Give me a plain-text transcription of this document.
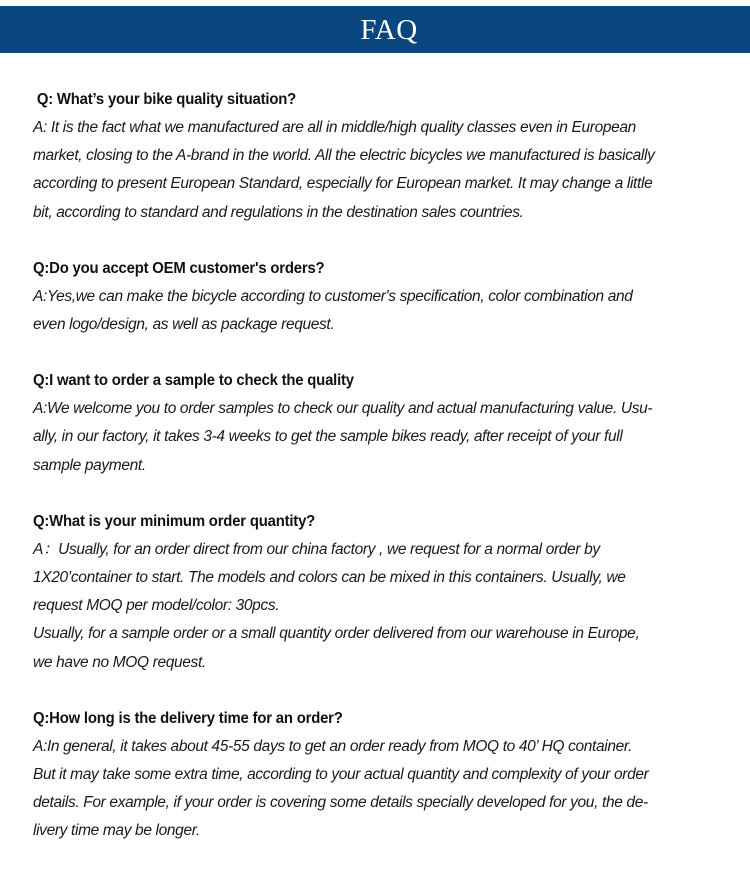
FAQ
Q: What’s your bike quality situation?

A: It is the fact what we manufactured are all in middle/high quality classes even in European

market, closing to the A-brand in the world. All the electric bicycles we manufactured is basically

according to present European Standard, especially for European market. It may change a little

bit, according to standard and regulations in the destination sales countries.

Q:Do you accept OEM customer's orders?

A:Yes,we can make the bicycle according to customer's specification, color combination and

even logo/design, as well as package request.

Q:I want to order a sample to check the quality

A:We welcome you to order samples to check our quality and actual manufacturing value. Usu-

ally, in our factory, it takes 3-4 weeks to get the sample bikes ready, after receipt of your full

sample payment.

Q:What is your minimum order quantity?

A：Usually, for an order direct from our china factory , we request for a normal order by

1X20’container to start. The models and colors can be mixed in this containers. Usually, we

request MOQ per model/color: 30pcs.

Usually, for a sample order or a small quantity order delivered from our warehouse in Europe,

we have no MOQ request.

Q:How long is the delivery time for an order?

A:In general, it takes about 45-55 days to get an order ready from MOQ to 40’ HQ container.

But it may take some extra time, according to your actual quantity and complexity of your order

details. For example, if your order is covering some details specially developed for you, the de-

livery time may be longer.
